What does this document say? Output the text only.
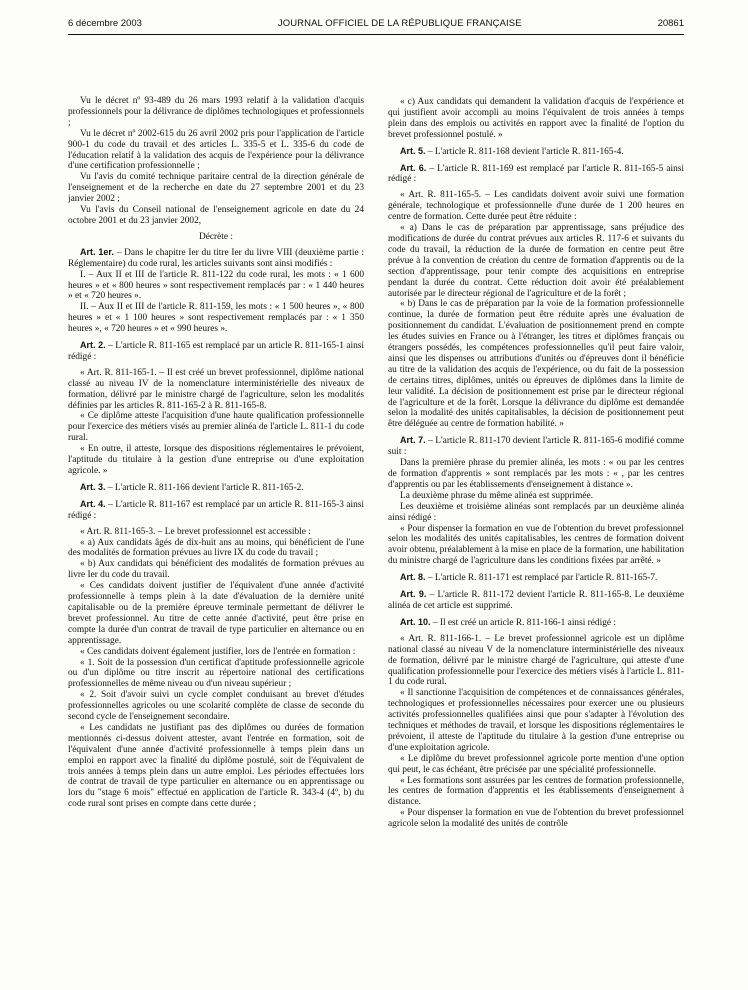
6 décembre 2003	JOURNAL OFFICIEL DE LA RÉPUBLIQUE FRANÇAISE	20861

Vu le décret nº 93-489 du 26 mars 1993 relatif à la validation d'acquis professionnels pour la délivrance de diplômes technologiques et professionnels ;

Vu le décret nº 2002-615 du 26 avril 2002 pris pour l'application de l'article 900-1 du code du travail et des articles L. 335-5 et L. 335-6 du code de l'éducation relatif à la validation des acquis de l'expérience pour la délivrance d'une certification professionnelle ;

Vu l'avis du comité technique paritaire central de la direction générale de l'enseignement et de la recherche en date du 27 septembre 2001 et du 23 janvier 2002 ;

Vu l'avis du Conseil national de l'enseignement agricole en date du 24 octobre 2001 et du 23 janvier 2002,

Décrète :

Art. 1er. – Dans le chapitre Ier du titre Ier du livre VIII (deuxième partie : Réglementaire) du code rural, les articles suivants sont ainsi modifiés :

I. – Aux II et III de l'article R. 811-122 du code rural, les mots : « 1 600 heures » et « 800 heures » sont respectivement remplacés par : « 1 440 heures » et « 720 heures ».

II. – Aux II et III de l'article R. 811-159, les mots : « 1 500 heures », « 800 heures » et « 1 100 heures » sont respectivement remplacés par : « 1 350 heures », « 720 heures » et « 990 heures ».

Art. 2. – L'article R. 811-165 est remplacé par un article R. 811-165-1 ainsi rédigé :

« Art. R. 811-165-1. – Il est créé un brevet professionnel, diplôme national classé au niveau IV de la nomenclature interministérielle des niveaux de formation, délivré par le ministre chargé de l'agriculture, selon les modalités définies par les articles R. 811-165-2 à R. 811-165-8.

« Ce diplôme atteste l'acquisition d'une haute qualification professionnelle pour l'exercice des métiers visés au premier alinéa de l'article L. 811-1 du code rural.

« En outre, il atteste, lorsque des dispositions réglementaires le prévoient, l'aptitude du titulaire à la gestion d'une entreprise ou d'une exploitation agricole. »

Art. 3. – L'article R. 811-166 devient l'article R. 811-165-2.

Art. 4. – L'article R. 811-167 est remplacé par un article R. 811-165-3 ainsi rédigé :

« Art. R. 811-165-3. – Le brevet professionnel est accessible :

« a) Aux candidats âgés de dix-huit ans au moins, qui bénéficient de l'une des modalités de formation prévues au livre IX du code du travail ;

« b) Aux candidats qui bénéficient des modalités de formation prévues au livre Ier du code du travail.

« Ces candidats doivent justifier de l'équivalent d'une année d'activité professionnelle à temps plein à la date d'évaluation de la dernière unité capitalisable ou de la première épreuve terminale permettant de délivrer le brevet professionnel. Au titre de cette année d'activité, peut être prise en compte la durée d'un contrat de travail de type particulier en alternance ou en apprentissage.

« Ces candidats doivent également justifier, lors de l'entrée en formation :

« 1. Soit de la possession d'un certificat d'aptitude professionnelle agricole ou d'un diplôme ou titre inscrit au répertoire national des certifications professionnelles de même niveau ou d'un niveau supérieur ;

« 2. Soit d'avoir suivi un cycle complet conduisant au brevet d'études professionnelles agricoles ou une scolarité complète de classe de seconde du second cycle de l'enseignement secondaire.

« Les candidats ne justifiant pas des diplômes ou durées de formation mentionnés ci-dessus doivent attester, avant l'entrée en formation, soit de l'équivalent d'une année d'activité professionnelle à temps plein dans un emploi en rapport avec la finalité du diplôme postulé, soit de l'équivalent de trois années à temps plein dans un autre emploi. Les périodes effectuées lors de contrat de travail de type particulier en alternance ou en apprentissage ou lors du "stage 6 mois" effectué en application de l'article R. 343-4 (4º, b) du code rural sont prises en compte dans cette durée ;

« c) Aux candidats qui demandent la validation d'acquis de l'expérience et qui justifient avoir accompli au moins l'équivalent de trois années à temps plein dans des emplois ou activités en rapport avec la finalité de l'option du brevet professionnel postulé. »

Art. 5. – L'article R. 811-168 devient l'article R. 811-165-4.

Art. 6. – L'article R. 811-169 est remplacé par l'article R. 811-165-5 ainsi rédigé :

« Art. R. 811-165-5. – Les candidats doivent avoir suivi une formation générale, technologique et professionnelle d'une durée de 1 200 heures en centre de formation. Cette durée peut être réduite :

« a) Dans le cas de préparation par apprentissage, sans préjudice des modifications de durée du contrat prévues aux articles R. 117-6 et suivants du code du travail, la réduction de la durée de formation en centre peut être prévue à la convention de création du centre de formation d'apprentis ou de la section d'apprentissage, pour tenir compte des acquisitions en entreprise pendant la durée du contrat. Cette réduction doit avoir été préalablement autorisée par le directeur régional de l'agriculture et de la forêt ;

« b) Dans le cas de préparation par la voie de la formation professionnelle continue, la durée de formation peut être réduite après une évaluation de positionnement du candidat. L'évaluation de positionnement prend en compte les études suivies en France ou à l'étranger, les titres et diplômes français ou étrangers possédés, les compétences professionnelles qu'il peut faire valoir, ainsi que les dispenses ou attributions d'unités ou d'épreuves dont il bénéficie au titre de la validation des acquis de l'expérience, ou du fait de la possession de certains titres, diplômes, unités ou épreuves de diplômes dans la limite de leur validité. La décision de positionnement est prise par le directeur régional de l'agriculture et de la forêt. Lorsque la délivrance du diplôme est demandée selon la modalité des unités capitalisables, la décision de positionnement peut être déléguée au centre de formation habilité. »

Art. 7. – L'article R. 811-170 devient l'article R. 811-165-6 modifié comme suit :

Dans la première phrase du premier alinéa, les mots : « ou par les centres de formation d'apprentis » sont remplacés par les mots : « , par les centres d'apprentis ou par les établissements d'enseignement à distance ».

La deuxième phrase du même alinéa est supprimée.

Les deuxième et troisième alinéas sont remplacés par un deuxième alinéa ainsi rédigé :

« Pour dispenser la formation en vue de l'obtention du brevet professionnel selon les modalités des unités capitalisables, les centres de formation doivent avoir obtenu, préalablement à la mise en place de la formation, une habilitation du ministre chargé de l'agriculture dans les conditions fixées par arrêté. »

Art. 8. – L'article R. 811-171 est remplacé par l'article R. 811-165-7.

Art. 9. – L'article R. 811-172 devient l'article R. 811-165-8. Le deuxième alinéa de cet article est supprimé.

Art. 10. – Il est créé un article R. 811-166-1 ainsi rédigé :

« Art. R. 811-166-1. – Le brevet professionnel agricole est un diplôme national classé au niveau V de la nomenclature interministérielle des niveaux de formation, délivré par le ministre chargé de l'agriculture, qui atteste d'une qualification professionnelle pour l'exercice des métiers visés à l'article L. 811-1 du code rural.

« Il sanctionne l'acquisition de compétences et de connaissances générales, technologiques et professionnelles nécessaires pour exercer une ou plusieurs activités professionnelles qualifiées ainsi que pour s'adapter à l'évolution des techniques et méthodes de travail, et lorsque les dispositions réglementaires le prévoient, il atteste de l'aptitude du titulaire à la gestion d'une entreprise ou d'une exploitation agricole.

« Le diplôme du brevet professionnel agricole porte mention d'une option qui peut, le cas échéant, être précisée par une spécialité professionnelle.

« Les formations sont assurées par les centres de formation professionnelle, les centres de formation d'apprentis et les établissements d'enseignement à distance.

« Pour dispenser la formation en vue de l'obtention du brevet professionnel agricole selon la modalité des unités de contrôle
